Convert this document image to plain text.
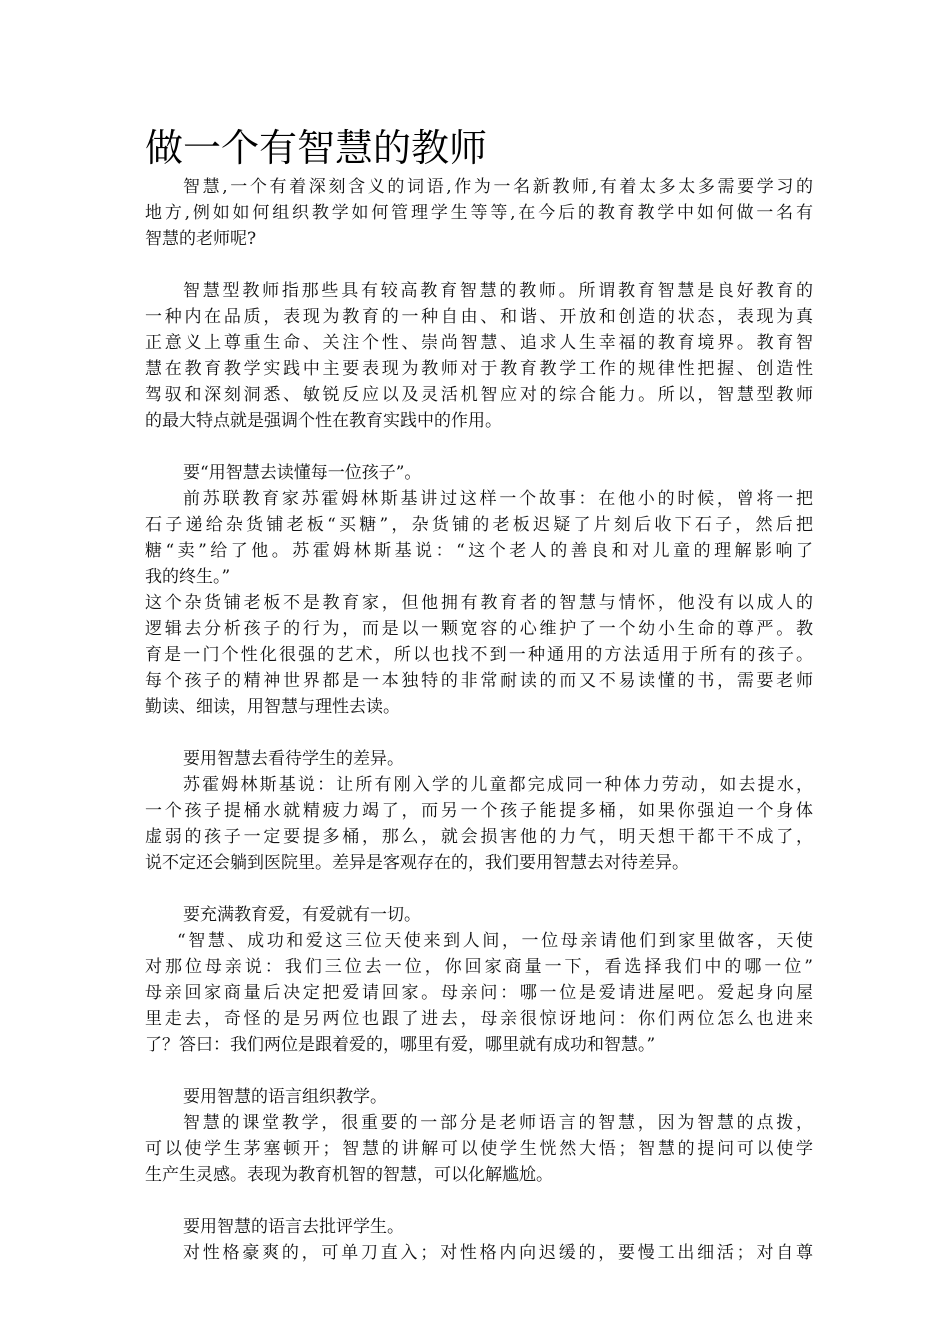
做一个有智慧的教师
智慧,一个有着深刻含义的词语,作为一名新教师,有着太多太多需要学习的
地方,例如如何组织教学如何管理学生等等,在今后的教育教学中如何做一名有
智慧的老师呢?
智慧型教师指那些具有较高教育智慧的教师。所谓教育智慧是良好教育的
一种内在品质，表现为教育的一种自由、和谐、开放和创造的状态，表现为真
正意义上尊重生命、关注个性、崇尚智慧、追求人生幸福的教育境界。教育智
慧在教育教学实践中主要表现为教师对于教育教学工作的规律性把握、创造性
驾驭和深刻洞悉、敏锐反应以及灵活机智应对的综合能力。所以，智慧型教师
的最大特点就是强调个性在教育实践中的作用。
要“用智慧去读懂每一位孩子”。
前苏联教育家苏霍姆林斯基讲过这样一个故事：在他小的时候，曾将一把
石子递给杂货铺老板“买糖”，杂货铺的老板迟疑了片刻后收下石子，然后把
糖“卖”给了他。苏霍姆林斯基说：“这个老人的善良和对儿童的理解影响了
我的终生。”
这个杂货铺老板不是教育家，但他拥有教育者的智慧与情怀，他没有以成人的
逻辑去分析孩子的行为，而是以一颗宽容的心维护了一个幼小生命的尊严。教
育是一门个性化很强的艺术，所以也找不到一种通用的方法适用于所有的孩子。
每个孩子的精神世界都是一本独特的非常耐读的而又不易读懂的书，需要老师
勤读、细读，用智慧与理性去读。
要用智慧去看待学生的差异。
苏霍姆林斯基说：让所有刚入学的儿童都完成同一种体力劳动，如去提水，
一个孩子提桶水就精疲力竭了，而另一个孩子能提多桶，如果你强迫一个身体
虚弱的孩子一定要提多桶，那么，就会损害他的力气，明天想干都干不成了，
说不定还会躺到医院里。差异是客观存在的，我们要用智慧去对待差异。
要充满教育爱，有爱就有一切。
“智慧、成功和爱这三位天使来到人间，一位母亲请他们到家里做客，天使
对那位母亲说：我们三位去一位，你回家商量一下，看选择我们中的哪一位”
母亲回家商量后决定把爱请回家。母亲问：哪一位是爱请进屋吧。爱起身向屋
里走去，奇怪的是另两位也跟了进去，母亲很惊讶地问：你们两位怎么也进来
了？答曰：我们两位是跟着爱的，哪里有爱，哪里就有成功和智慧。”
要用智慧的语言组织教学。
智慧的课堂教学，很重要的一部分是老师语言的智慧，因为智慧的点拨，
可以使学生茅塞顿开；智慧的讲解可以使学生恍然大悟；智慧的提问可以使学
生产生灵感。表现为教育机智的智慧，可以化解尴尬。
要用智慧的语言去批评学生。
对性格豪爽的，可单刀直入；对性格内向迟缓的，要慢工出细活；对自尊
